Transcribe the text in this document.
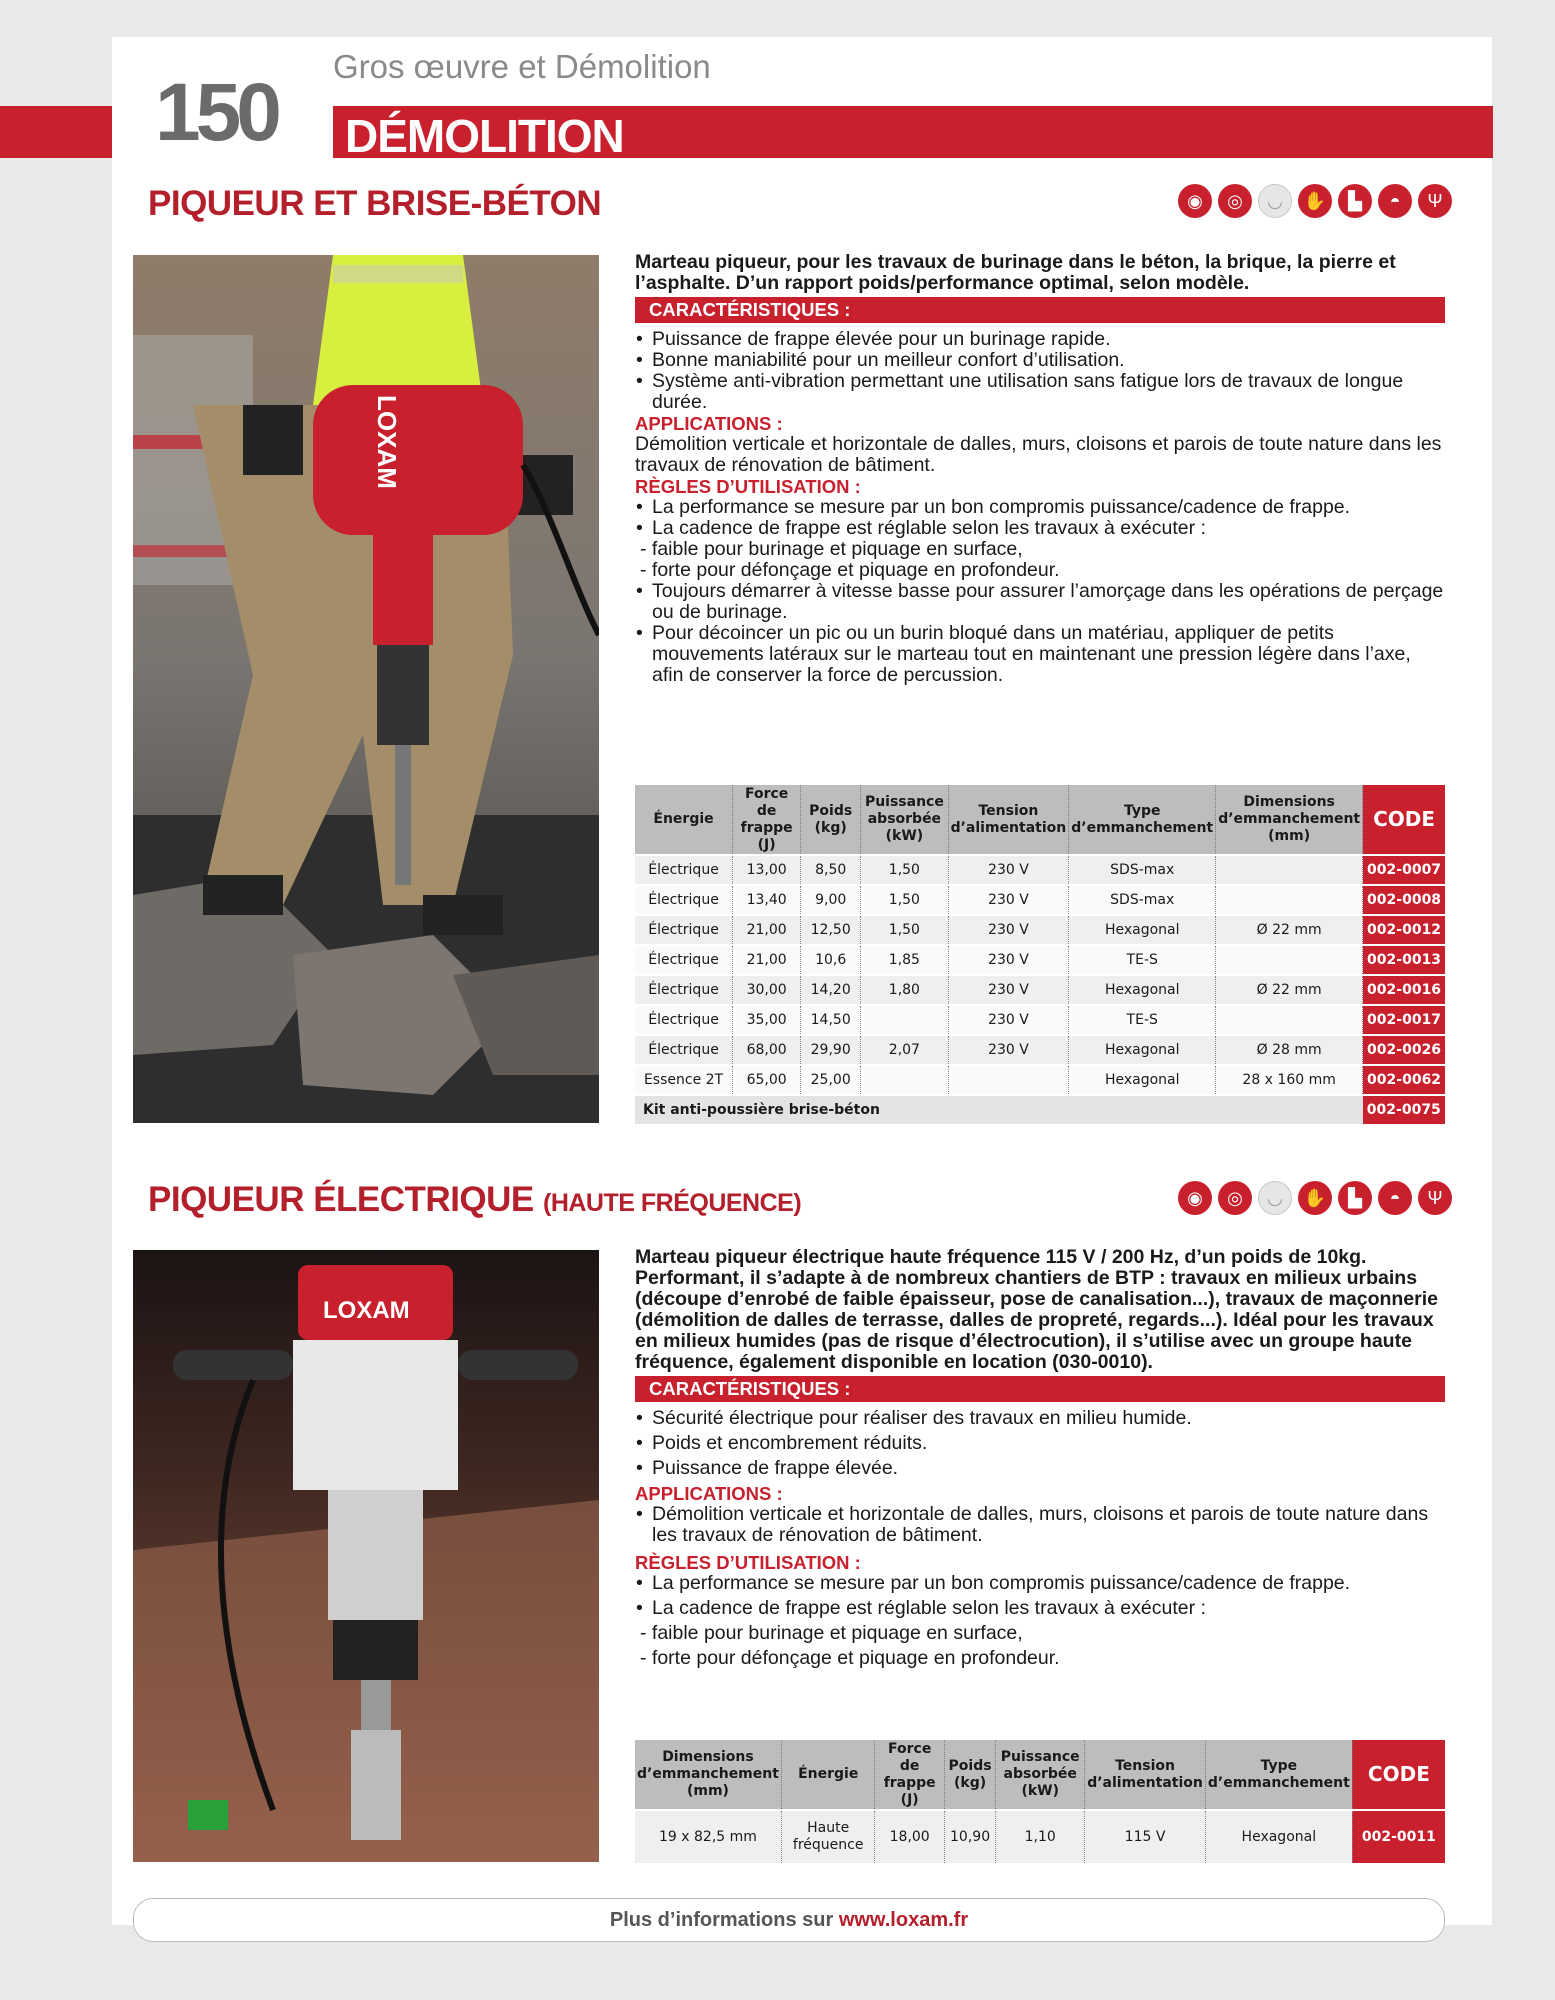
Gros œuvre et Démolition
150 DÉMOLITION
PIQUEUR ET BRISE-BÉTON	◉	◎	◡	✋	▙	◓	Ψ
LOXAM

Marteau piqueur, pour les travaux de burinage dans le béton, la brique, la pierre et l’asphalte. D’un rapport poids/performance optimal, selon modèle.

CARACTÉRISTIQUES :

• Puissance de frappe élevée pour un burinage rapide.

• Bonne maniabilité pour un meilleur confort d’utilisation.

• Système anti-vibration permettant une utilisation sans fatigue lors de travaux de longue durée.

APPLICATIONS :

Démolition verticale et horizontale de dalles, murs, cloisons et parois de toute nature dans les travaux de rénovation de bâtiment.

RÈGLES D’UTILISATION :

• La performance se mesure par un bon compromis puissance/cadence de frappe.

• La cadence de frappe est réglable selon les travaux à exécuter :

- faible pour burinage et piquage en surface,

- forte pour défonçage et piquage en profondeur.

• Toujours démarrer à vitesse basse pour assurer l’amorçage dans les opérations de perçage ou de burinage.

• Pour décoincer un pic ou un burin bloqué dans un matériau, appliquer de petits mouvements latéraux sur le marteau tout en maintenant une pression légère dans l’axe, afin de conserver la force de percussion.

Énergie	Force de frappe (J)	Poids (kg)	Puissance absorbée (kW)	Tension d’alimentation	Type d’emmanchement	Dimensions d’emmanchement (mm)	CODE
Électrique	13,00	8,50	1,50	230 V	SDS-max		002-0007
Électrique	13,40	9,00	1,50	230 V	SDS-max		002-0008
Électrique	21,00	12,50	1,50	230 V	Hexagonal	Ø 22 mm	002-0012
Électrique	21,00	10,6	1,85	230 V	TE-S		002-0013
Électrique	30,00	14,20	1,80	230 V	Hexagonal	Ø 22 mm	002-0016
Électrique	35,00	14,50		230 V	TE-S		002-0017
Électrique	68,00	29,90	2,07	230 V	Hexagonal	Ø 28 mm	002-0026
Essence 2T	65,00	25,00			Hexagonal	28 x 160 mm	002-0062
Kit anti-poussière brise-béton							002-0075
PIQUEUR ÉLECTRIQUE (HAUTE FRÉQUENCE)	◉	◎	◡	✋	▙	◓	Ψ
LOXAM

Marteau piqueur électrique haute fréquence 115 V / 200 Hz, d’un poids de 10kg. Performant, il s’adapte à de nombreux chantiers de BTP : travaux en milieux urbains (découpe d’enrobé de faible épaisseur, pose de canalisation...), travaux de maçonnerie (démolition de dalles de terrasse, dalles de propreté, regards...). Idéal pour les travaux en milieux humides (pas de risque d’électrocution), il s’utilise avec un groupe haute fréquence, également disponible en location (030-0010).

CARACTÉRISTIQUES :

• Sécurité électrique pour réaliser des travaux en milieu humide.

• Poids et encombrement réduits.

• Puissance de frappe élevée.

APPLICATIONS :

• Démolition verticale et horizontale de dalles, murs, cloisons et parois de toute nature dans les travaux de rénovation de bâtiment.

RÈGLES D’UTILISATION :

• La performance se mesure par un bon compromis puissance/cadence de frappe.

• La cadence de frappe est réglable selon les travaux à exécuter :

- faible pour burinage et piquage en surface,

- forte pour défonçage et piquage en profondeur.

Dimensions d’emmanchement (mm)	Énergie	Force de frappe (J)	Poids (kg)	Puissance absorbée (kW)	Tension d’alimentation	Type d’emmanchement	CODE
19 x 82,5 mm	Haute fréquence	18,00	10,90	1,10	115 V	Hexagonal	002-0011
Plus d’informations sur www.loxam.fr
